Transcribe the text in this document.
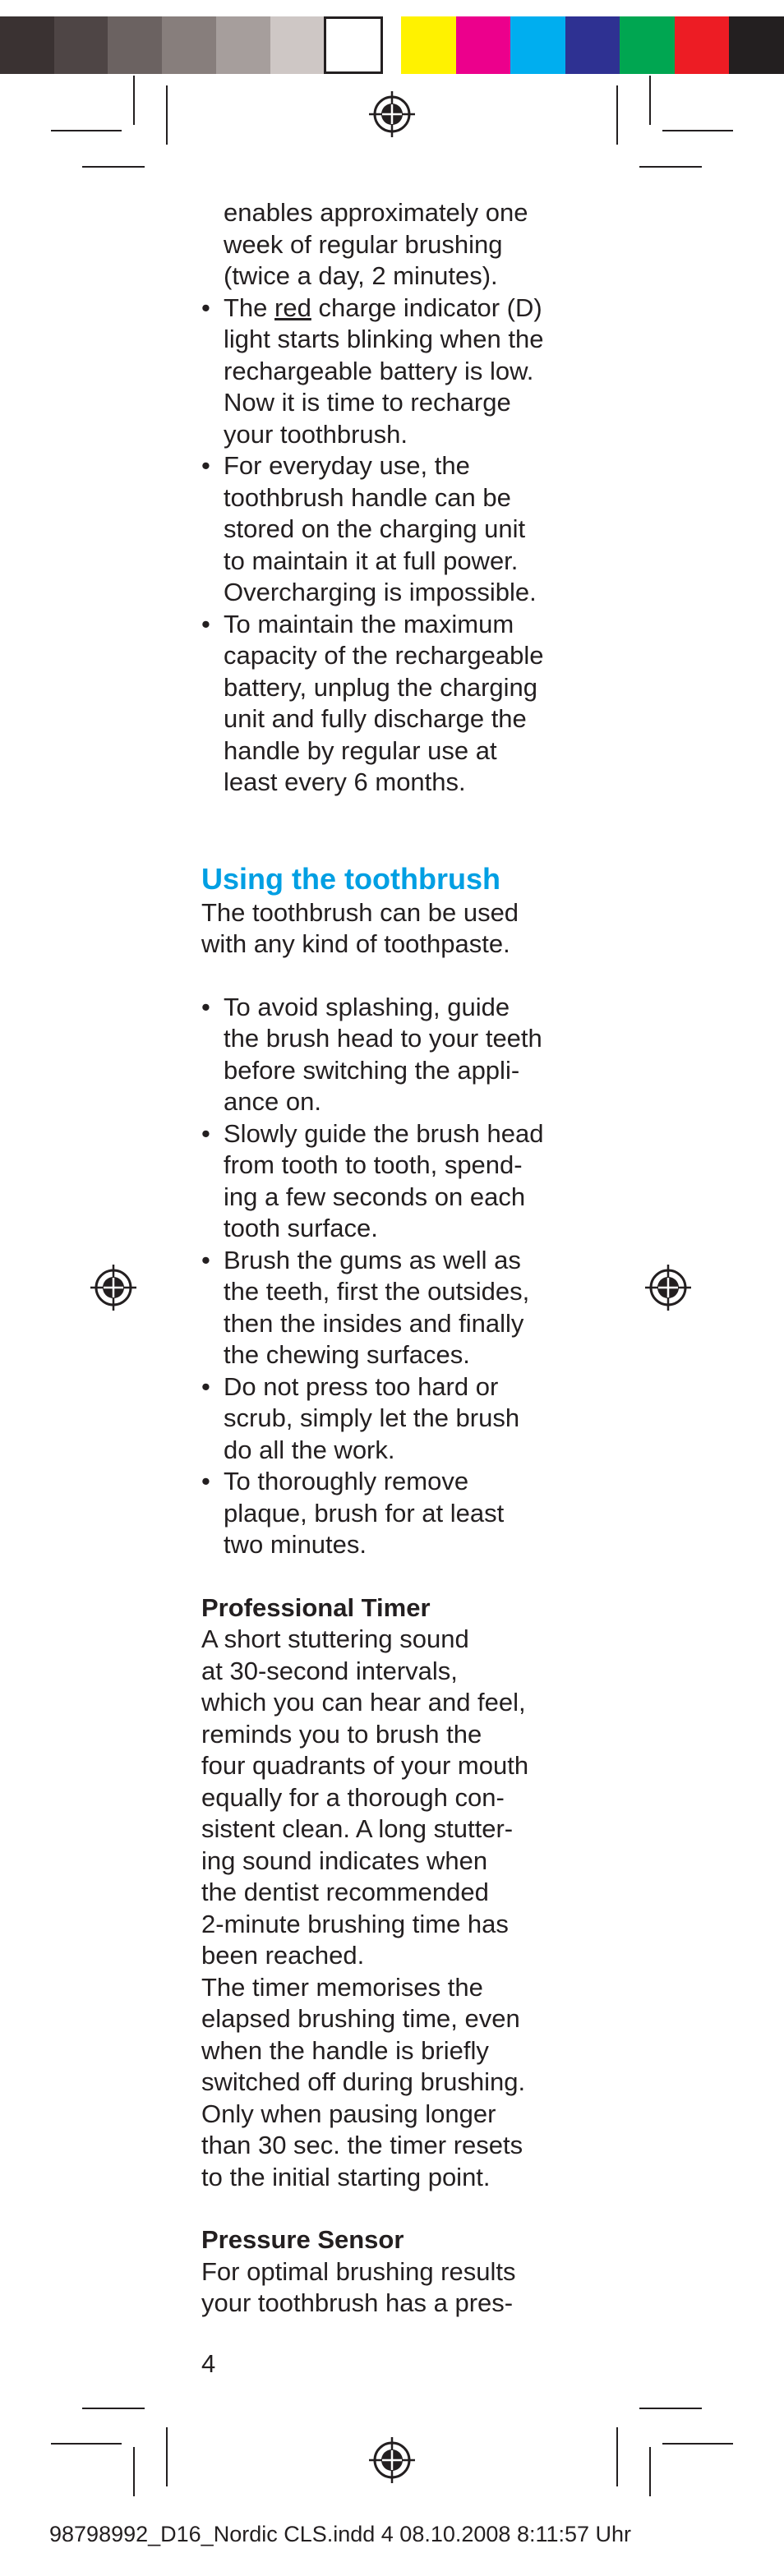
enables approximately one

week of regular brushing

(twice a day, 2 minutes).

• The red charge indicator (D)

light starts blinking when the

rechargeable battery is low.

Now it is time to recharge

your toothbrush.

• For everyday use, the

toothbrush handle can be

stored on the charging unit

to maintain it at full power.

Overcharging is impossible.

• To maintain the maximum

capacity of the rechargeable

battery, unplug the charging

unit and fully discharge the

handle by regular use at

least every 6 months.

Using the toothbrush

The toothbrush can be used

with any kind of toothpaste.

• To avoid splashing, guide

the brush head to your teeth

before switching the appli-

ance on.

• Slowly guide the brush head

from tooth to tooth, spend-

ing a few seconds on each

tooth surface.

• Brush the gums as well as

the teeth, first the outsides,

then the insides and finally

the chewing surfaces.

• Do not press too hard or

scrub, simply let the brush

do all the work.

• To thoroughly remove

plaque, brush for at least

two minutes.

Professional Timer

A short stuttering sound

at 30-second intervals,

which you can hear and feel,

reminds you to brush the

four quadrants of your mouth

equally for a thorough con-

sistent clean. A long stutter-

ing sound indicates when

the dentist recommended

2-minute brushing time has

been reached.

The timer memorises the

elapsed brushing time, even

when the handle is briefly

switched off during brushing.

Only when pausing longer

than 30 sec. the timer resets

to the initial starting point.

Pressure Sensor

For optimal brushing results

your toothbrush has a pres-

4
98798992_D16_Nordic CLS.indd 4 08.10.2008 8:11:57 Uhr
